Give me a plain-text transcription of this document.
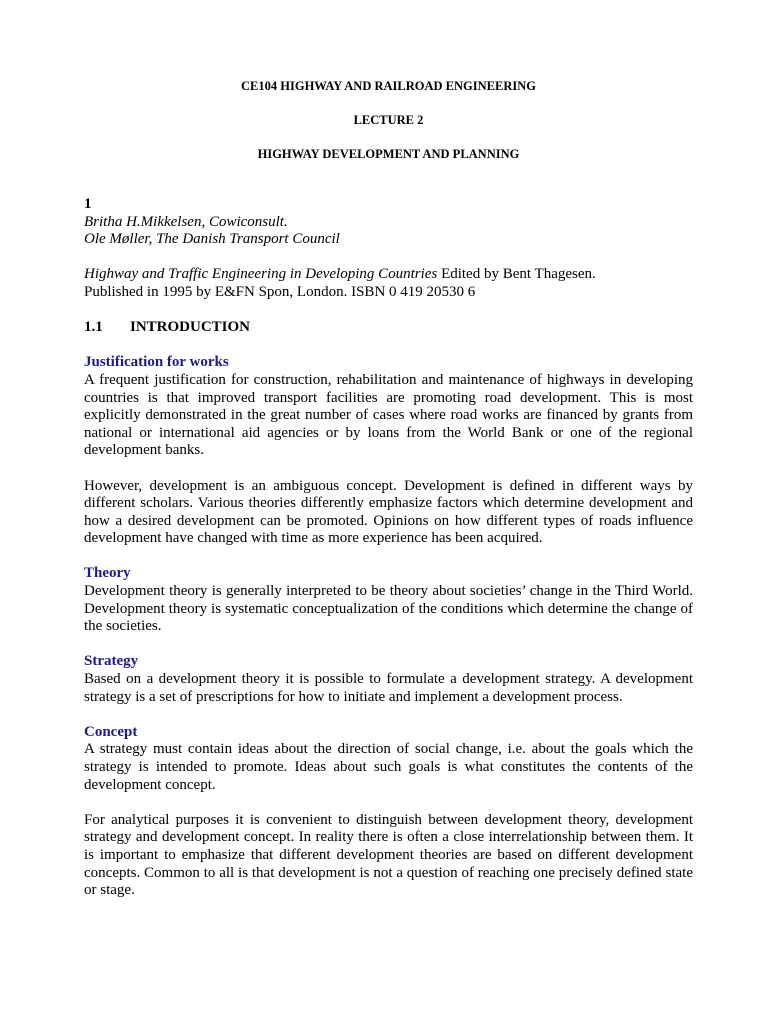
CE104 HIGHWAY AND RAILROAD ENGINEERING

LECTURE 2

HIGHWAY DEVELOPMENT AND PLANNING

1

Britha H.Mikkelsen, Cowiconsult.

Ole Møller, The Danish Transport Council

Highway and Traffic Engineering in Developing Countries Edited by Bent Thagesen.

Published in 1995 by E&FN Spon, London. ISBN 0 419 20530 6

1.1 INTRODUCTION

Justification for works

A frequent justification for construction, rehabilitation and maintenance of highways in developing countries is that improved transport facilities are promoting road development. This is most explicitly demonstrated in the great number of cases where road works are financed by grants from national or international aid agencies or by loans from the World Bank or one of the regional development banks.

However, development is an ambiguous concept. Development is defined in different ways by different scholars. Various theories differently emphasize factors which determine development and how a desired development can be promoted. Opinions on how different types of roads influence development have changed with time as more experience has been acquired.

Theory

Development theory is generally interpreted to be theory about societies’ change in the Third World. Development theory is systematic conceptualization of the conditions which determine the change of the societies.

Strategy

Based on a development theory it is possible to formulate a development strategy. A development strategy is a set of prescriptions for how to initiate and implement a development process.

Concept

A strategy must contain ideas about the direction of social change, i.e. about the goals which the strategy is intended to promote. Ideas about such goals is what constitutes the contents of the development concept.

For analytical purposes it is convenient to distinguish between development theory, development strategy and development concept. In reality there is often a close interrelationship between them. It is important to emphasize that different development theories are based on different development concepts. Common to all is that development is not a question of reaching one precisely defined state or stage.
